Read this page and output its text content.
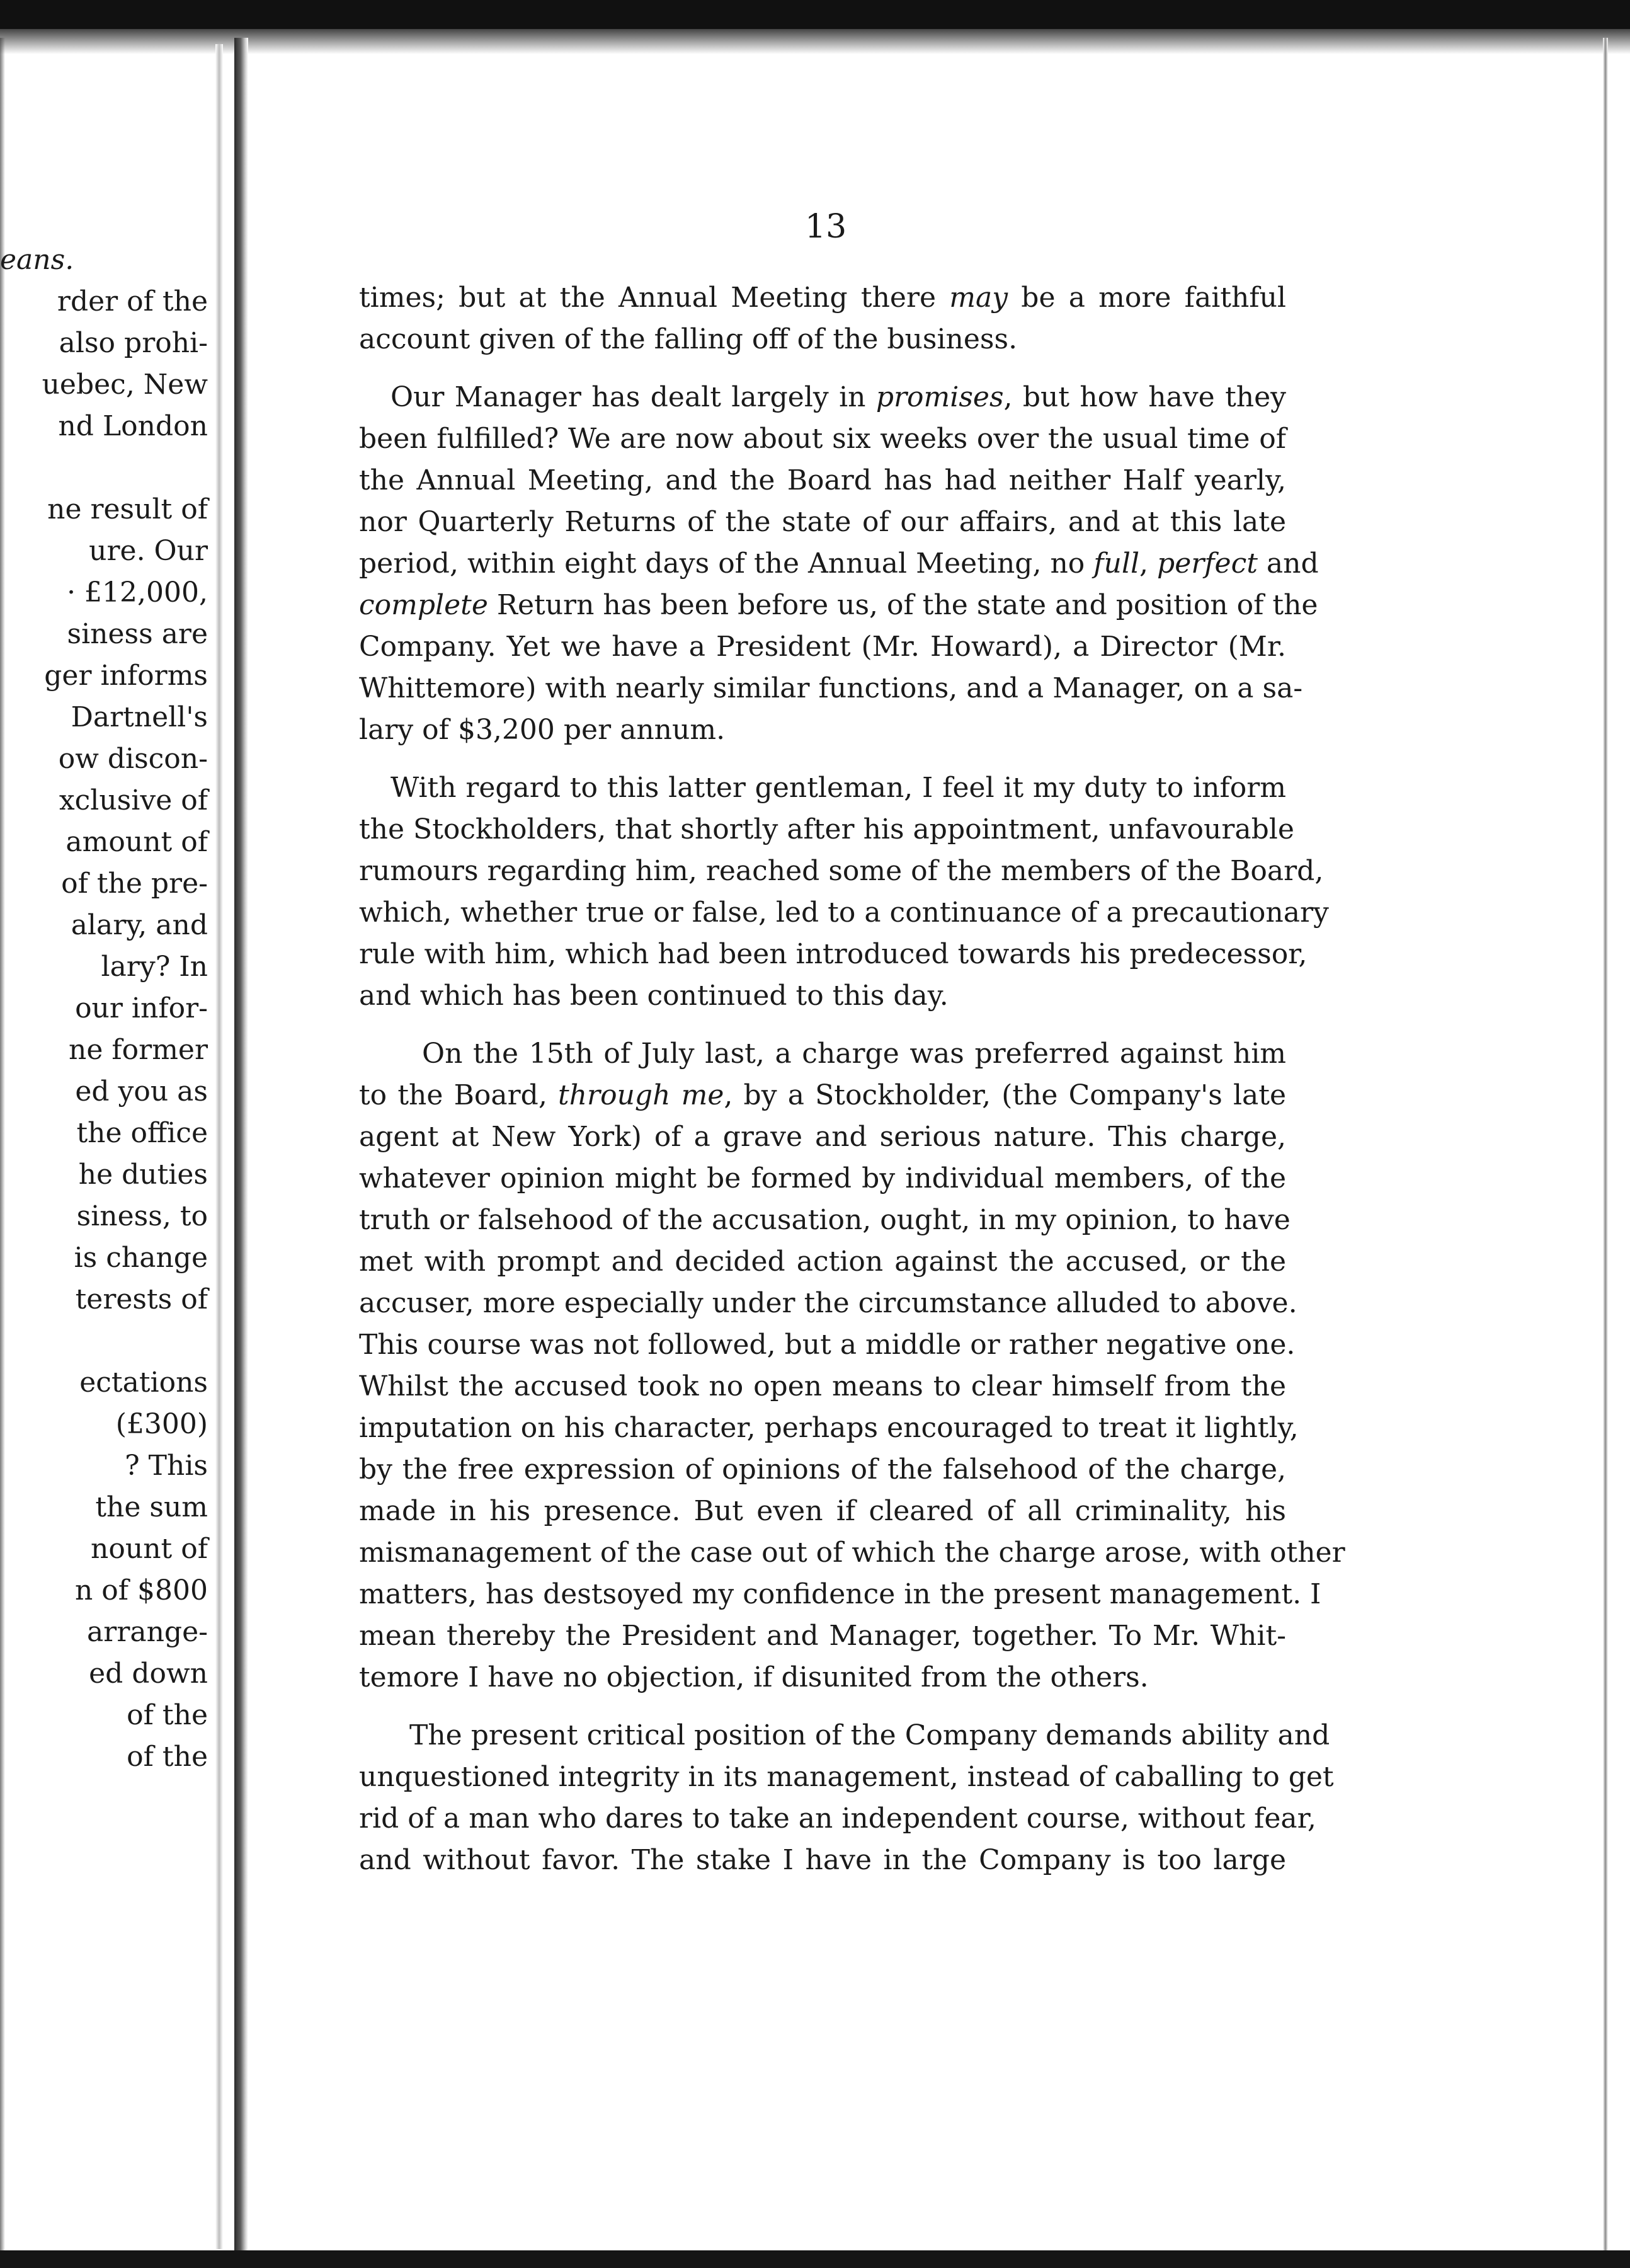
eans.
rder of the
also prohi-
uebec, New
nd London
ne result of
ure. Our
· £12,000,
siness are
ger informs
Dartnell's
ow discon-
xclusive of
amount of
of the pre-
alary, and
lary? In
our infor-
ne former
ed you as
the office
he duties
siness, to
is change
terests of
ectations
(£300)
? This
the sum
nount of
n of $800
arrange-
ed down
of the
of the
13
times; but at the Annual Meeting there may be a more faithful
account given of the falling off of the business.
Our Manager has dealt largely in promises, but how have they
been fulfilled? We are now about six weeks over the usual time of
the Annual Meeting, and the Board has had neither Half yearly,
nor Quarterly Returns of the state of our affairs, and at this late
period, within eight days of the Annual Meeting, no full, perfect and
complete Return has been before us, of the state and position of the
Company. Yet we have a President (Mr. Howard), a Director (Mr.
Whittemore) with nearly similar functions, and a Manager, on a sa-
lary of $3,200 per annum.
With regard to this latter gentleman, I feel it my duty to inform
the Stockholders, that shortly after his appointment, unfavourable
rumours regarding him, reached some of the members of the Board,
which, whether true or false, led to a continuance of a precautionary
rule with him, which had been introduced towards his predecessor,
and which has been continued to this day.
On the 15th of July last, a charge was preferred against him
to the Board, through me, by a Stockholder, (the Company's late
agent at New York) of a grave and serious nature. This charge,
whatever opinion might be formed by individual members, of the
truth or falsehood of the accusation, ought, in my opinion, to have
met with prompt and decided action against the accused, or the
accuser, more especially under the circumstance alluded to above.
This course was not followed, but a middle or rather negative one.
Whilst the accused took no open means to clear himself from the
imputation on his character, perhaps encouraged to treat it lightly,
by the free expression of opinions of the falsehood of the charge,
made in his presence. But even if cleared of all criminality, his
mismanagement of the case out of which the charge arose, with other
matters, has destsoyed my confidence in the present management. I
mean thereby the President and Manager, together. To Mr. Whit-
temore I have no objection, if disunited from the others.
The present critical position of the Company demands ability and
unquestioned integrity in its management, instead of caballing to get
rid of a man who dares to take an independent course, without fear,
and without favor. The stake I have in the Company is too large
